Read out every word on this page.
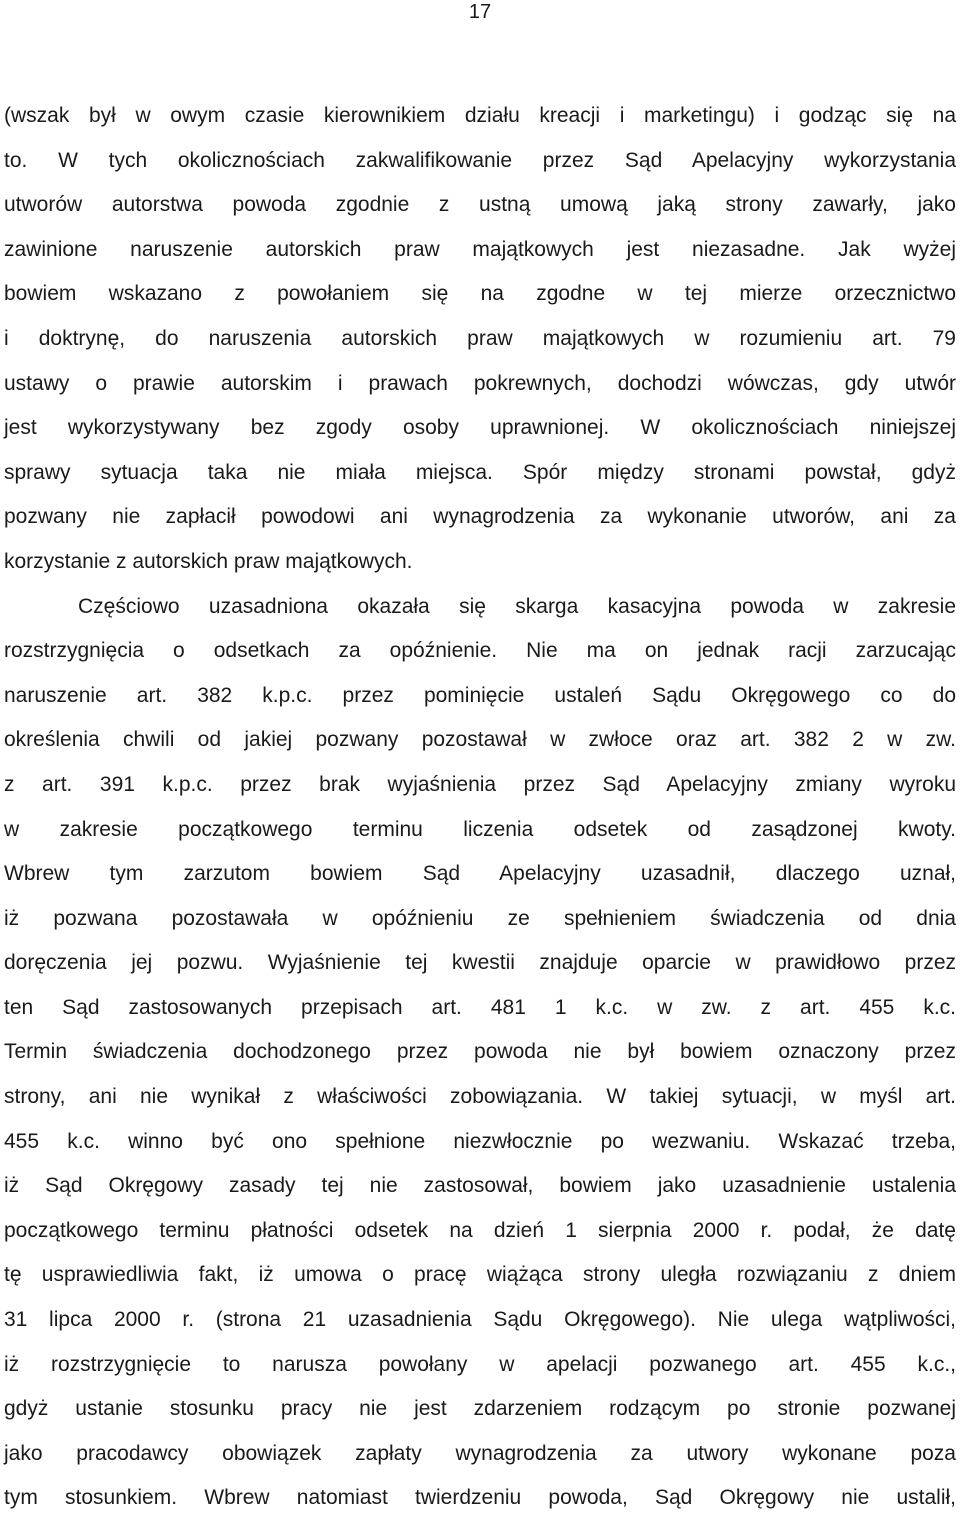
17
(wszak był w owym czasie kierownikiem działu kreacji i marketingu) i godząc się na
to. W tych okolicznościach zakwalifikowanie przez Sąd Apelacyjny wykorzystania
utworów autorstwa powoda zgodnie z ustną umową jaką strony zawarły, jako
zawinione naruszenie autorskich praw majątkowych jest niezasadne. Jak wyżej
bowiem wskazano z powołaniem się na zgodne w tej mierze orzecznictwo
i doktrynę, do naruszenia autorskich praw majątkowych w rozumieniu art. 79
ustawy o prawie autorskim i prawach pokrewnych, dochodzi wówczas, gdy utwór
jest wykorzystywany bez zgody osoby uprawnionej. W okolicznościach niniejszej
sprawy sytuacja taka nie miała miejsca. Spór między stronami powstał, gdyż
pozwany nie zapłacił powodowi ani wynagrodzenia za wykonanie utworów, ani za
korzystanie z autorskich praw majątkowych.
Częściowo uzasadniona okazała się skarga kasacyjna powoda w zakresie
rozstrzygnięcia o odsetkach za opóźnienie. Nie ma on jednak racji zarzucając
naruszenie art. 382 k.p.c. przez pominięcie ustaleń Sądu Okręgowego co do
określenia chwili od jakiej pozwany pozostawał w zwłoce oraz art. 382 2 w zw.
z art. 391 k.p.c. przez brak wyjaśnienia przez Sąd Apelacyjny zmiany wyroku
w zakresie początkowego terminu liczenia odsetek od zasądzonej kwoty.
Wbrew tym zarzutom bowiem Sąd Apelacyjny uzasadnił, dlaczego uznał,
iż pozwana pozostawała w opóźnieniu ze spełnieniem świadczenia od dnia
doręczenia jej pozwu. Wyjaśnienie tej kwestii znajduje oparcie w prawidłowo przez
ten Sąd zastosowanych przepisach art. 481 1 k.c. w zw. z art. 455 k.c.
Termin świadczenia dochodzonego przez powoda nie był bowiem oznaczony przez
strony, ani nie wynikał z właściwości zobowiązania. W takiej sytuacji, w myśl art.
455 k.c. winno być ono spełnione niezwłocznie po wezwaniu. Wskazać trzeba,
iż Sąd Okręgowy zasady tej nie zastosował, bowiem jako uzasadnienie ustalenia
początkowego terminu płatności odsetek na dzień 1 sierpnia 2000 r. podał, że datę
tę usprawiedliwia fakt, iż umowa o pracę wiążąca strony uległa rozwiązaniu z dniem
31 lipca 2000 r. (strona 21 uzasadnienia Sądu Okręgowego). Nie ulega wątpliwości,
iż rozstrzygnięcie to narusza powołany w apelacji pozwanego art. 455 k.c.,
gdyż ustanie stosunku pracy nie jest zdarzeniem rodzącym po stronie pozwanej
jako pracodawcy obowiązek zapłaty wynagrodzenia za utwory wykonane poza
tym stosunkiem. Wbrew natomiast twierdzeniu powoda, Sąd Okręgowy nie ustalił,
